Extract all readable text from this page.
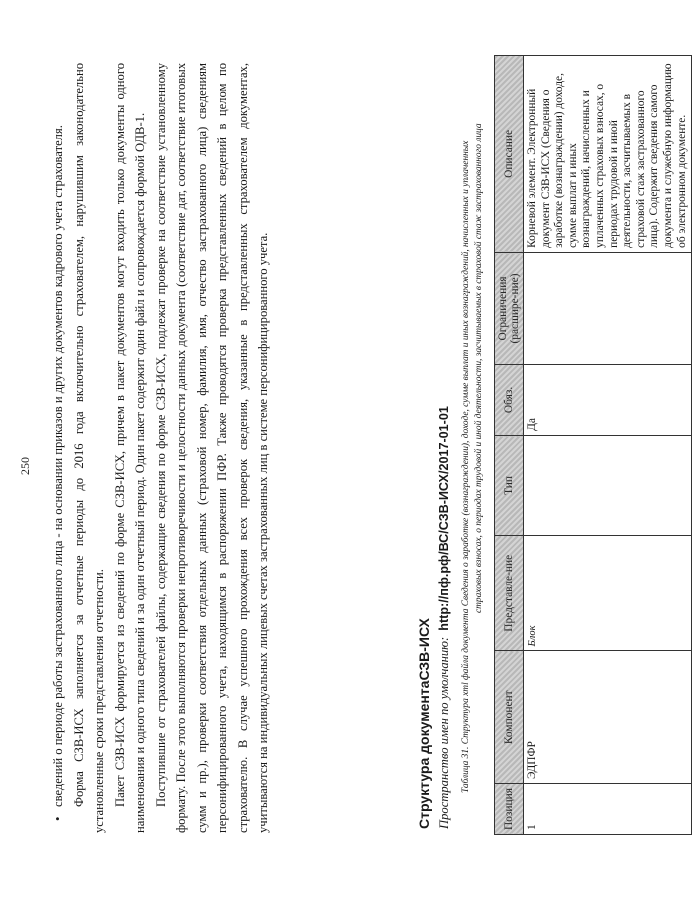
250

•сведений о периоде работы застрахованного лица - на основании приказов и других документов кадрового учета страхователя. Форма СЗВ-ИСХ заполняется за отчетные периоды до 2016 года включительно страхователем, нарушившим законодательно установленные сроки представления отчетности. Пакет СЗВ-ИСХ формируется из сведений по форме СЗВ-ИСХ, причем в пакет документов могут входить только документы одного наименования и одного типа сведений и за один отчетный период. Один пакет содержит один файл и сопровождается формой ОДВ-1. Поступившие от страхователей файлы, содержащие сведения по форме СЗВ-ИСХ, подлежат проверке на соответствие установленному формату. После этого выполняются проверки непротиворечивости и целостности данных документа (соответствие дат, соответствие итоговых сумм и пр.), проверки соответствия отдельных данных (страховой номер, фамилия, имя, отчество застрахованного лица) сведениям персонифицированного учета, находящимся в распоряжении ПФР. Также проводятся проверка представленных сведений в целом по страхователю. В случае успешного прохождения всех проверок сведения, указанные в представленных страхователем документах, учитываются на индивидуальных лицевых счетах застрахованных лиц в системе персонифицированного учета.	Структура документаСЗВ-ИСХ Пространство имен по умолчанию:http://пф.рф/ВС/СЗВ-ИСХ/2017-01-01 Таблица 31. Структура xml файла документа Сведения о заработке (вознаграждении), доходе, сумме выплат и иных вознаграждений, начисленных и уплаченных страховых взносах, о периодах трудовой и иной деятельности, засчитываемых в страховой стаж застрахованного лица
Позиция	Компонент	Представле-ние	Тип	Обяз.	Ограничения (расшире-ние)	Описание
1	ЭДПФР	Блок		Да		Корневой элемент. Электронный документ СЗВ-ИСХ (Сведения о заработке (вознаграждении) доходе, сумме выплат и иных вознаграждений, начисленных и уплаченных страховых взносах, о периодах трудовой и иной деятельности, засчитываемых в страховой стаж застрахованного лица). Содержит сведения самого документа и служебную информацию об электронном документе.
